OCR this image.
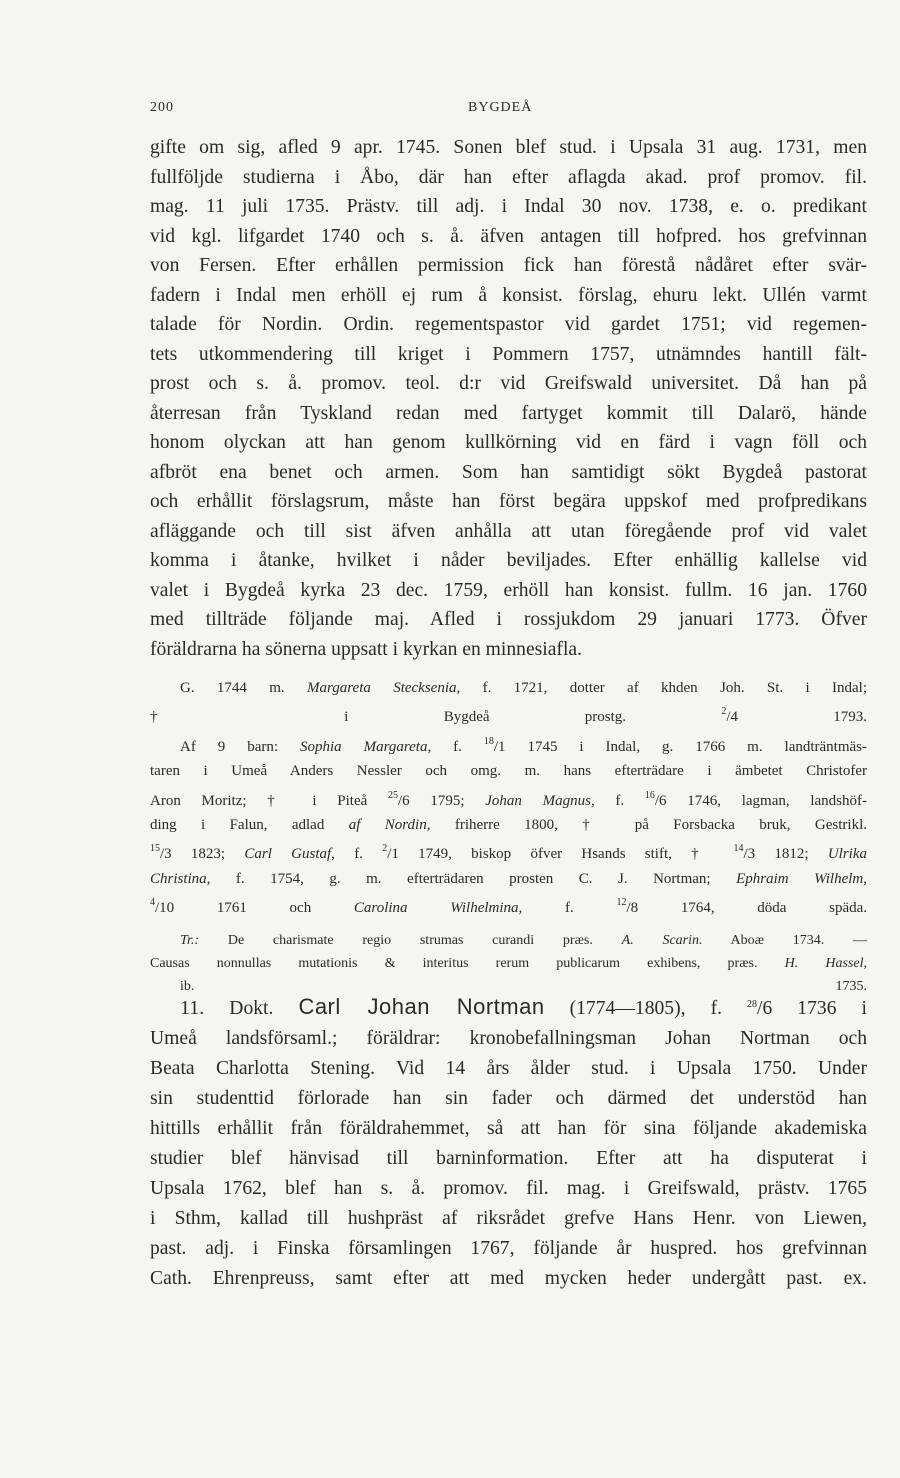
200	BYGDEÅ
gifte om sig, afled 9 apr. 1745. Sonen blef stud. i Upsala 31 aug. 1731, men
fullföljde studierna i Åbo, där han efter aflagda akad. prof promov. fil.
mag. 11 juli 1735. Prästv. till adj. i Indal 30 nov. 1738, e. o. predikant
vid kgl. lifgardet 1740 och s. å. äfven antagen till hofpred. hos grefvinnan
von Fersen. Efter erhållen permission fick han förestå nådåret efter svär-
fadern i Indal men erhöll ej rum å konsist. förslag, ehuru lekt. Ullén varmt
talade för Nordin. Ordin. regementspastor vid gardet 1751; vid regemen-
tets utkommendering till kriget i Pommern 1757, utnämndes hantill fält-
prost och s. å. promov. teol. d:r vid Greifswald universitet. Då han på
återresan från Tyskland redan med fartyget kommit till Dalarö, hände
honom olyckan att han genom kullkörning vid en färd i vagn föll och
afbröt ena benet och armen. Som han samtidigt sökt Bygdeå pastorat
och erhållit förslagsrum, måste han först begära uppskof med profpredikans
afläggande och till sist äfven anhålla att utan föregående prof vid valet
komma i åtanke, hvilket i nåder beviljades. Efter enhällig kallelse vid
valet i Bygdeå kyrka 23 dec. 1759, erhöll han konsist. fullm. 16 jan. 1760
med tillträde följande maj. Afled i rossjukdom 29 januari 1773. Öfver
föräldrarna ha sönerna uppsatt i kyrkan en minnesiafla.
G. 1744 m. Margareta Stecksenia, f. 1721, dotter af khden Joh. St. i Indal;
† i Bygdeå prostg. $^2$/4 1793.
Af 9 barn: Sophia Margareta, f. $^{18}$/1 1745 i Indal, g. 1766 m. landträntmäs-
taren i Umeå Anders Nessler och omg. m. hans efterträdare i ämbetet Christofer
Aron Moritz; † i Piteå $^{25}$/6 1795; Johan Magnus, f. $^{16}$/6 1746, lagman, landshöf-
ding i Falun, adlad af Nordin, friherre 1800, † på Forsbacka bruk, Gestrikl.
$^{15}$/3 1823; Carl Gustaf, f. $^2$/1 1749, biskop öfver Hsands stift, † $^{14}$/3 1812; Ulrika
Christina, f. 1754, g. m. efterträdaren prosten C. J. Nortman; Ephraim Wilhelm,
$^4$/10 1761 och Carolina Wilhelmina, f. $^{12}$/8 1764, döda späda.
Tr.: De charismate regio strumas curandi præs. A. Scarin. Aboæ 1734. —
Causas nonnullas mutationis & interitus rerum publicarum exhibens, præs. H. Hassel,
ib. 1735.
11. Dokt. Carl Johan Nortman (1774—1805), f. $^{28}$/6 1736 i
Umeå landsförsaml.; föräldrar: kronobefallningsman Johan Nortman och
Beata Charlotta Stening. Vid 14 års ålder stud. i Upsala 1750. Under
sin studenttid förlorade han sin fader och därmed det understöd han
hittills erhållit från föräldrahemmet, så att han för sina följande akademiska
studier blef hänvisad till barninformation. Efter att ha disputerat i
Upsala 1762, blef han s. å. promov. fil. mag. i Greifswald, prästv. 1765
i Sthm, kallad till hushpräst af riksrådet grefve Hans Henr. von Liewen,
past. adj. i Finska församlingen 1767, följande år huspred. hos grefvinnan
Cath. Ehrenpreuss, samt efter att med mycken heder undergått past. ex.
